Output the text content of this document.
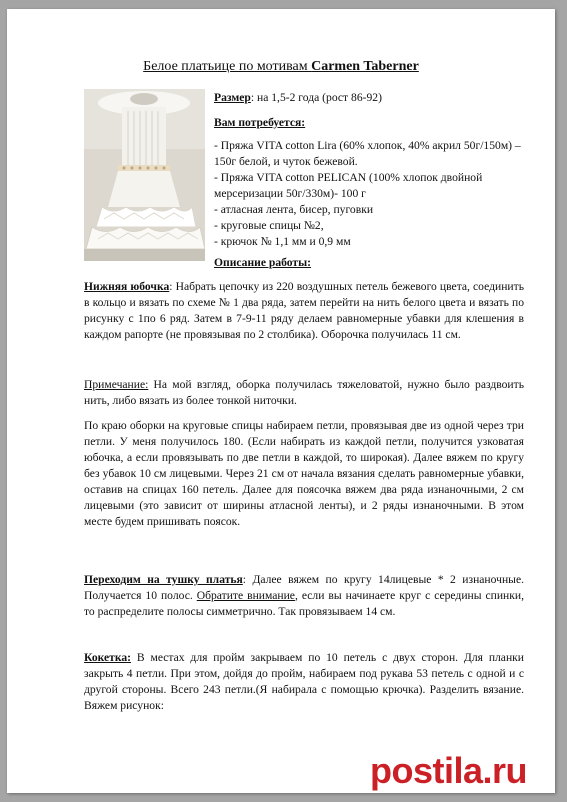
Белое платьице по мотивам Carmen Taberner
Размер: на 1,5-2 года (рост 86-92)
Вам потребуется:
- Пряжа VITA cotton Lira (60% хлопок, 40% акрил 50г/150м) – 150г белой, и чуток бежевой.
- Пряжа VITA cotton PELICAN (100% хлопок двойной мерсеризации 50г/330м)- 100 г
- атласная лента, бисер, пуговки
- круговые спицы №2,
- крючок № 1,1 мм и 0,9 мм
Описание работы:
Нижняя юбочка: Набрать цепочку из 220 воздушных петель бежевого цвета, соединить в кольцо и вязать по схеме № 1 два ряда, затем перейти на нить белого цвета и вязать по рисунку с 1по 6 ряд. Затем в 7-9-11 ряду делаем равномерные убавки для клешения в каждом рапорте (не провязывая по 2 столбика). Оборочка получилась 11 см.
Примечание: На мой взгляд, оборка получилась тяжеловатой, нужно было раздвоить нить, либо вязать из более тонкой ниточки.
По краю оборки на круговые спицы набираем петли, провязывая две из одной через три петли. У меня получилось 180. (Если набирать из каждой петли, получится узковатая юбочка, а если провязывать по две петли в каждой, то широкая). Далее вяжем по кругу без убавок 10 см лицевыми. Через 21 см от начала вязания сделать равномерные убавки, оставив на спицах 160 петель. Далее для поясочка вяжем два ряда изнаночными, 2 см лицевыми (это зависит от ширины атласной ленты), и 2 ряды изнаночными. В этом месте будем пришивать поясок.
Переходим на тушку платья: Далее вяжем по кругу 14лицевые * 2 изнаночные. Получается 10 полос. Обратите внимание, если вы начинаете круг с середины спинки, то распределите полосы симметрично. Так провязываем 14 см.
Кокетка: В местах для пройм закрываем по 10 петель с двух сторон. Для планки закрыть 4 петли. При этом, дойдя до пройм, набираем под рукава 53 петель с одной и с другой стороны. Всего 243 петли.(Я набирала с помощью крючка). Разделить вязание. Вяжем рисунок:
postila.ru
